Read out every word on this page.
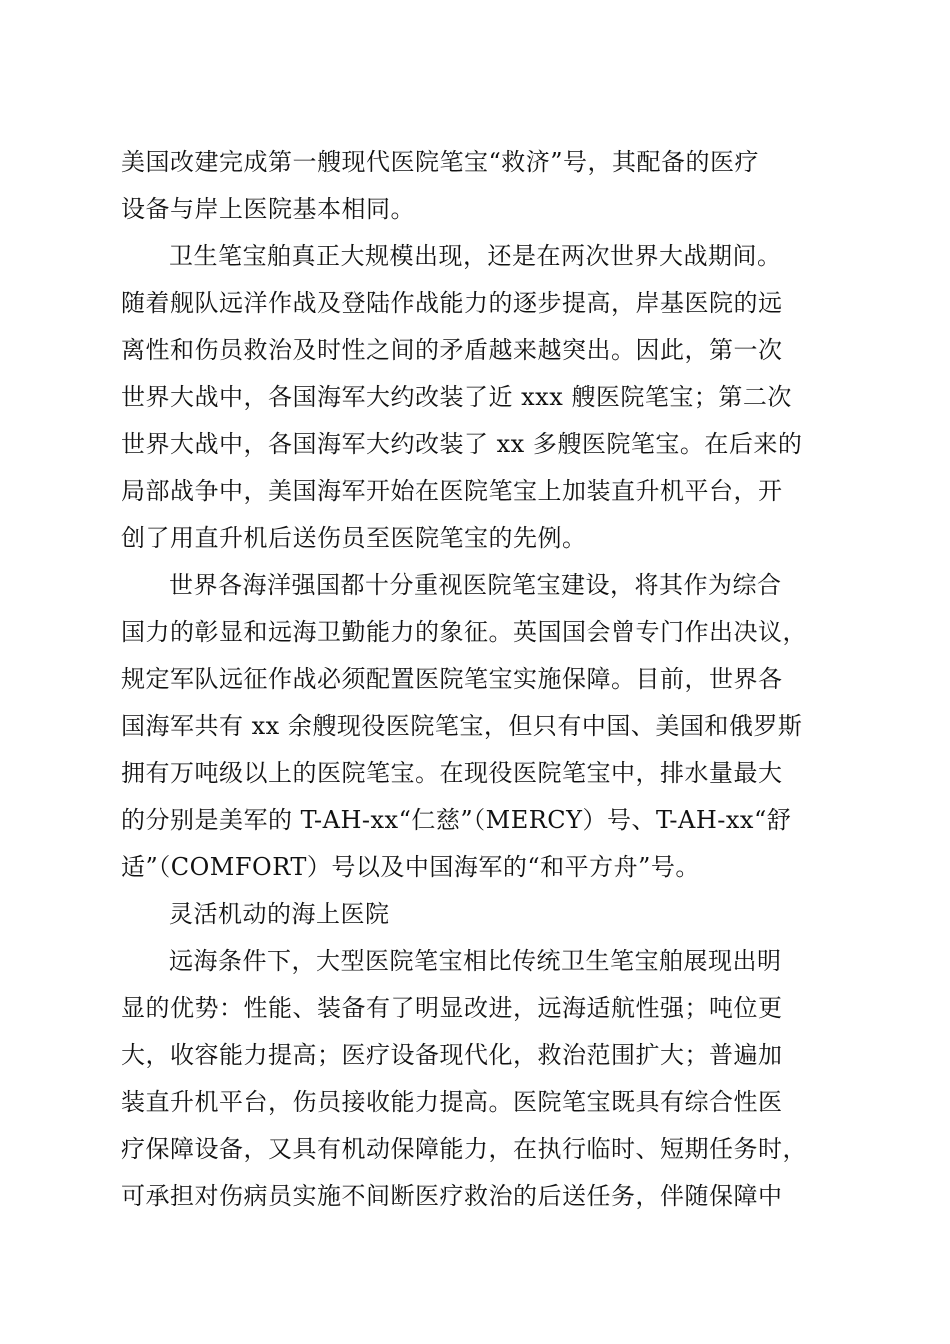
美国改建完成第一艘现代医院笔宝“救济”号，其配备的医疗
设备与岸上医院基本相同。
卫生笔宝舶真正大规模出现，还是在两次世界大战期间。
随着舰队远洋作战及登陆作战能力的逐步提高，岸基医院的远
离性和伤员救治及时性之间的矛盾越来越突出。因此，第一次
世界大战中，各国海军大约改装了近 xxx 艘医院笔宝；第二次
世界大战中，各国海军大约改装了 xx 多艘医院笔宝。在后来的
局部战争中，美国海军开始在医院笔宝上加装直升机平台，开
创了用直升机后送伤员至医院笔宝的先例。
世界各海洋强国都十分重视医院笔宝建设，将其作为综合
国力的彰显和远海卫勤能力的象征。英国国会曾专门作出决议，
规定军队远征作战必须配置医院笔宝实施保障。目前，世界各
国海军共有 xx 余艘现役医院笔宝，但只有中国、美国和俄罗斯
拥有万吨级以上的医院笔宝。在现役医院笔宝中，排水量最大
的分别是美军的 T-AH-xx“仁慈”（MERCY）号、T-AH-xx“舒
适”（COMFORT）号以及中国海军的“和平方舟”号。
灵活机动的海上医院
远海条件下，大型医院笔宝相比传统卫生笔宝舶展现出明
显的优势：性能、装备有了明显改进，远海适航性强；吨位更
大，收容能力提高；医疗设备现代化，救治范围扩大；普遍加
装直升机平台，伤员接收能力提高。医院笔宝既具有综合性医
疗保障设备，又具有机动保障能力，在执行临时、短期任务时，
可承担对伤病员实施不间断医疗救治的后送任务，伴随保障中
